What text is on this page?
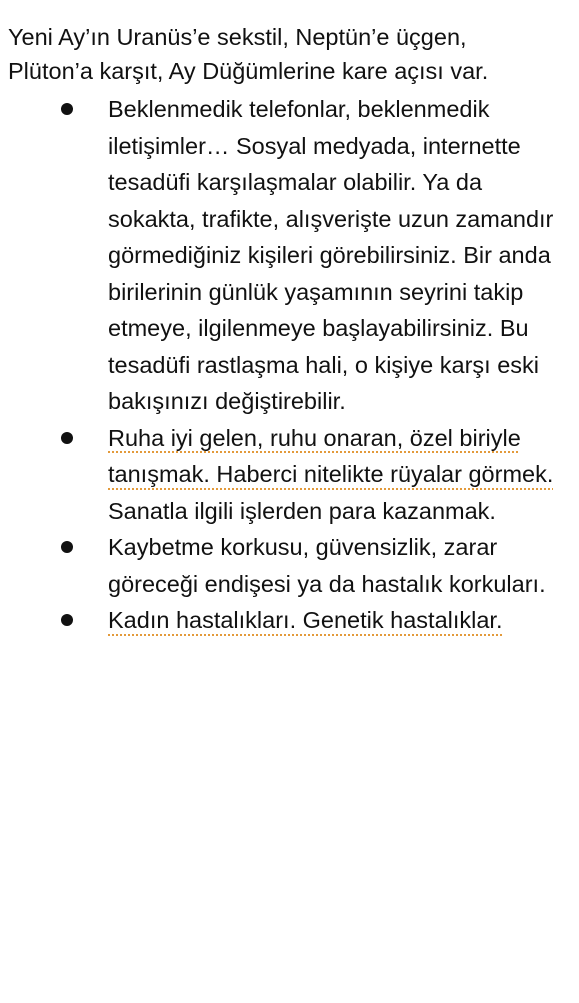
Yeni Ay’ın Uranüs’e sekstil, Neptün’e üçgen, Plüton’a karşıt, Ay Düğümlerine kare açısı var.

Beklenmedik telefonlar, beklenmedik iletişimler… Sosyal medyada, internette tesadüfi karşılaşmalar olabilir. Ya da sokakta, trafikte, alışverişte uzun zamandır görmediğiniz kişileri görebilirsiniz. Bir anda birilerinin günlük yaşamının seyrini takip etmeye, ilgilenmeye başlayabilirsiniz. Bu tesadüfi rastlaşma hali, o kişiye karşı eski bakışınızı değiştirebilir.
Ruha iyi gelen, ruhu onaran, özel biriyle tanışmak. Haberci nitelikte rüyalar görmek. Sanatla ilgili işlerden para kazanmak.
Kaybetme korkusu, güvensizlik, zarar göreceği endişesi ya da hastalık korkuları.
Kadın hastalıkları. Genetik hastalıklar.
